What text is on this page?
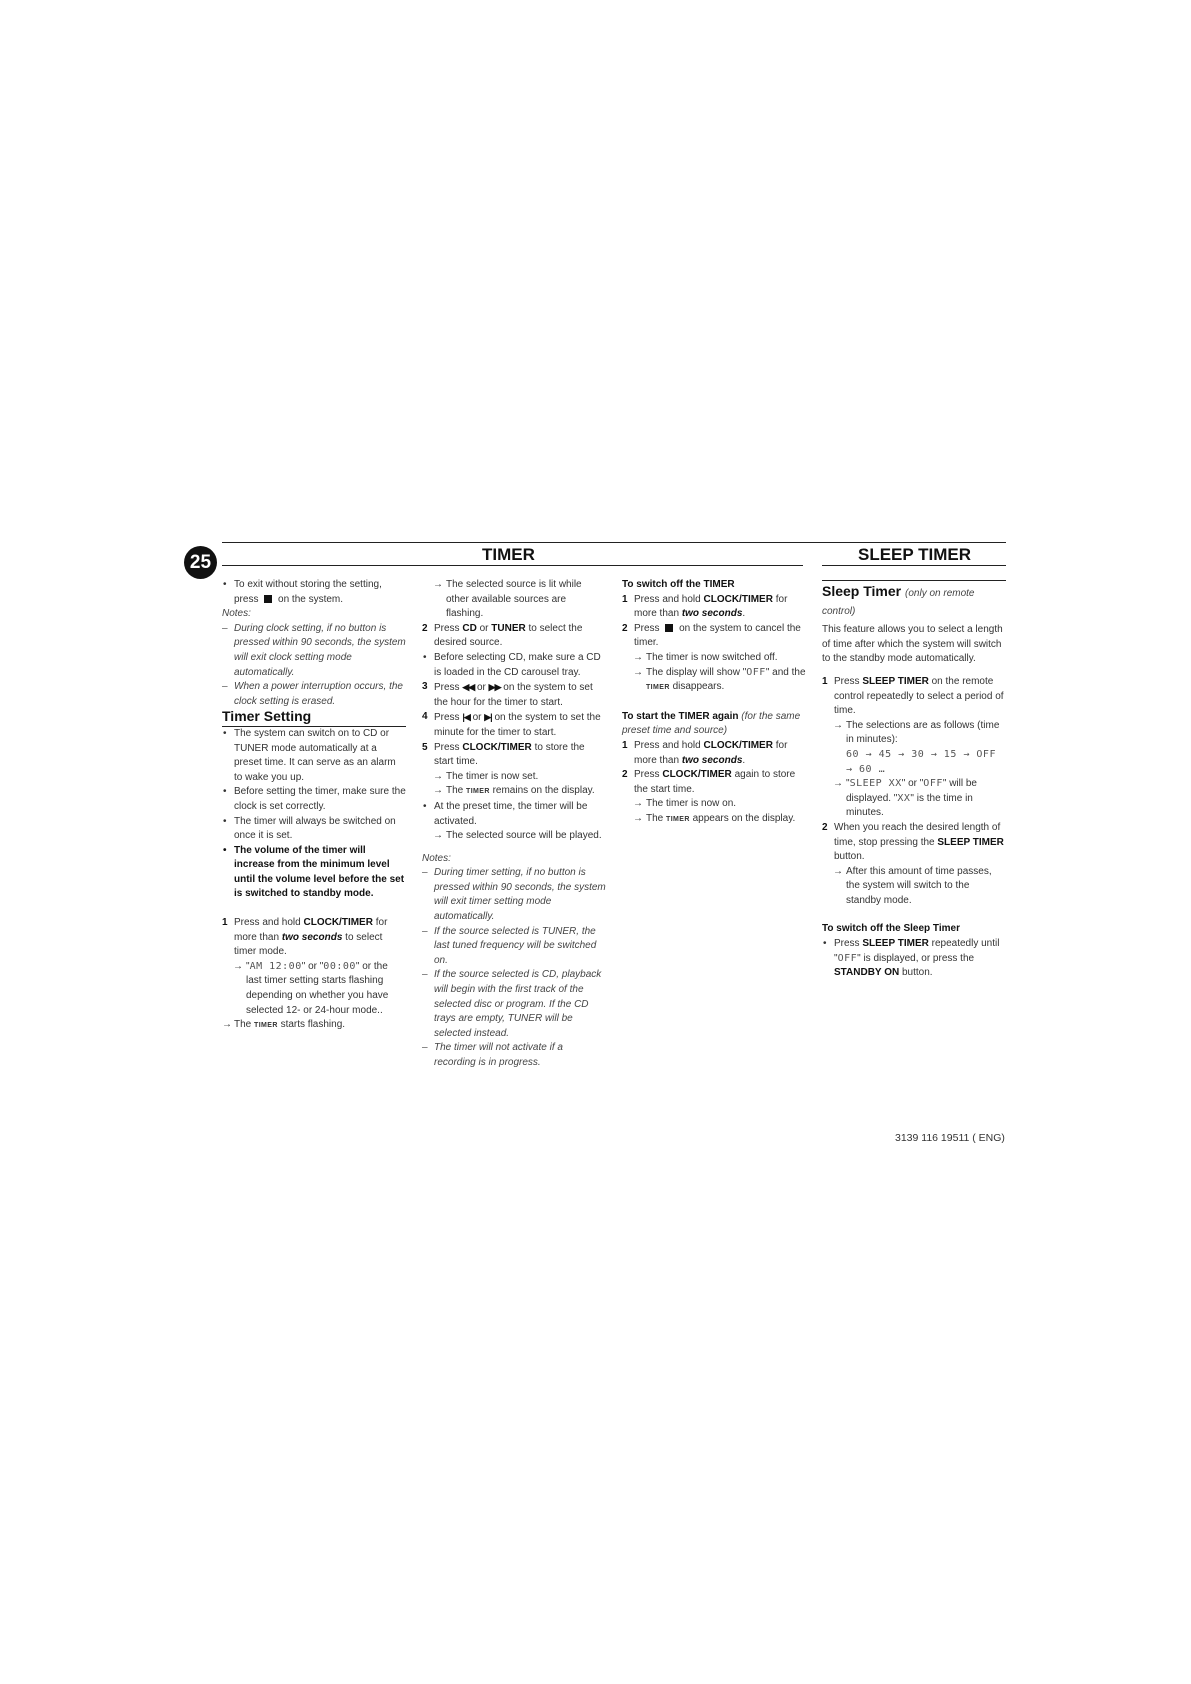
25	TIMER	SLEEP TIMER

• To exit without storing the setting, press on the system.

Notes:

– During clock setting, if no button is pressed within 90 seconds, the system will exit clock setting mode automatically.

– When a power interruption occurs, the clock setting is erased.

Timer Setting

• The system can switch on to CD or TUNER mode automatically at a preset time. It can serve as an alarm to wake you up.

• Before setting the timer, make sure the clock is set correctly.

• The timer will always be switched on once it is set.

• The volume of the timer will increase from the minimum level until the volume level before the set is switched to standby mode.

1 Press and hold CLOCK/TIMER for more than two seconds to select timer mode.

→ "AM 12:00" or "00:00" or the last timer setting starts flashing depending on whether you have selected 12- or 24-hour mode..

→ The TIMER starts flashing.

→ The selected source is lit while other available sources are flashing.

2 Press CD or TUNER to select the desired source.

• Before selecting CD, make sure a CD is loaded in the CD carousel tray.

3 Press ◀◀ or ▶▶ on the system to set the hour for the timer to start.

4 Press |◀ or ▶| on the system to set the minute for the timer to start.

5 Press CLOCK/TIMER to store the start time.

→ The timer is now set.

→ The TIMER remains on the display.

• At the preset time, the timer will be activated.

→ The selected source will be played.

Notes:

– During timer setting, if no button is pressed within 90 seconds, the system will exit timer setting mode automatically.

– If the source selected is TUNER, the last tuned frequency will be switched on.

– If the source selected is CD, playback will begin with the first track of the selected disc or program. If the CD trays are empty, TUNER will be selected instead.

– The timer will not activate if a recording is in progress.

To switch off the TIMER

1 Press and hold CLOCK/TIMER for more than two seconds.

2 Press on the system to cancel the timer.

→ The timer is now switched off.

→ The display will show "OFF" and the TIMER disappears.

To start the TIMER again (for the same preset time and source)

1 Press and hold CLOCK/TIMER for more than two seconds.

2 Press CLOCK/TIMER again to store the start time.

→ The timer is now on.

→ The TIMER appears on the display.

Sleep Timer (only on remote control)

This feature allows you to select a length of time after which the system will switch to the standby mode automatically.

1 Press SLEEP TIMER on the remote control repeatedly to select a period of time.

→ The selections are as follows (time in minutes):

60 → 45 → 30 → 15 → OFF → 60 …

→ "SLEEP XX" or "OFF" will be displayed. "XX" is the time in minutes.

2 When you reach the desired length of time, stop pressing the SLEEP TIMER button.

→ After this amount of time passes, the system will switch to the standby mode.

To switch off the Sleep Timer

• Press SLEEP TIMER repeatedly until "OFF" is displayed, or press the STANDBY ON button.

3139 116 19511 ( ENG)
